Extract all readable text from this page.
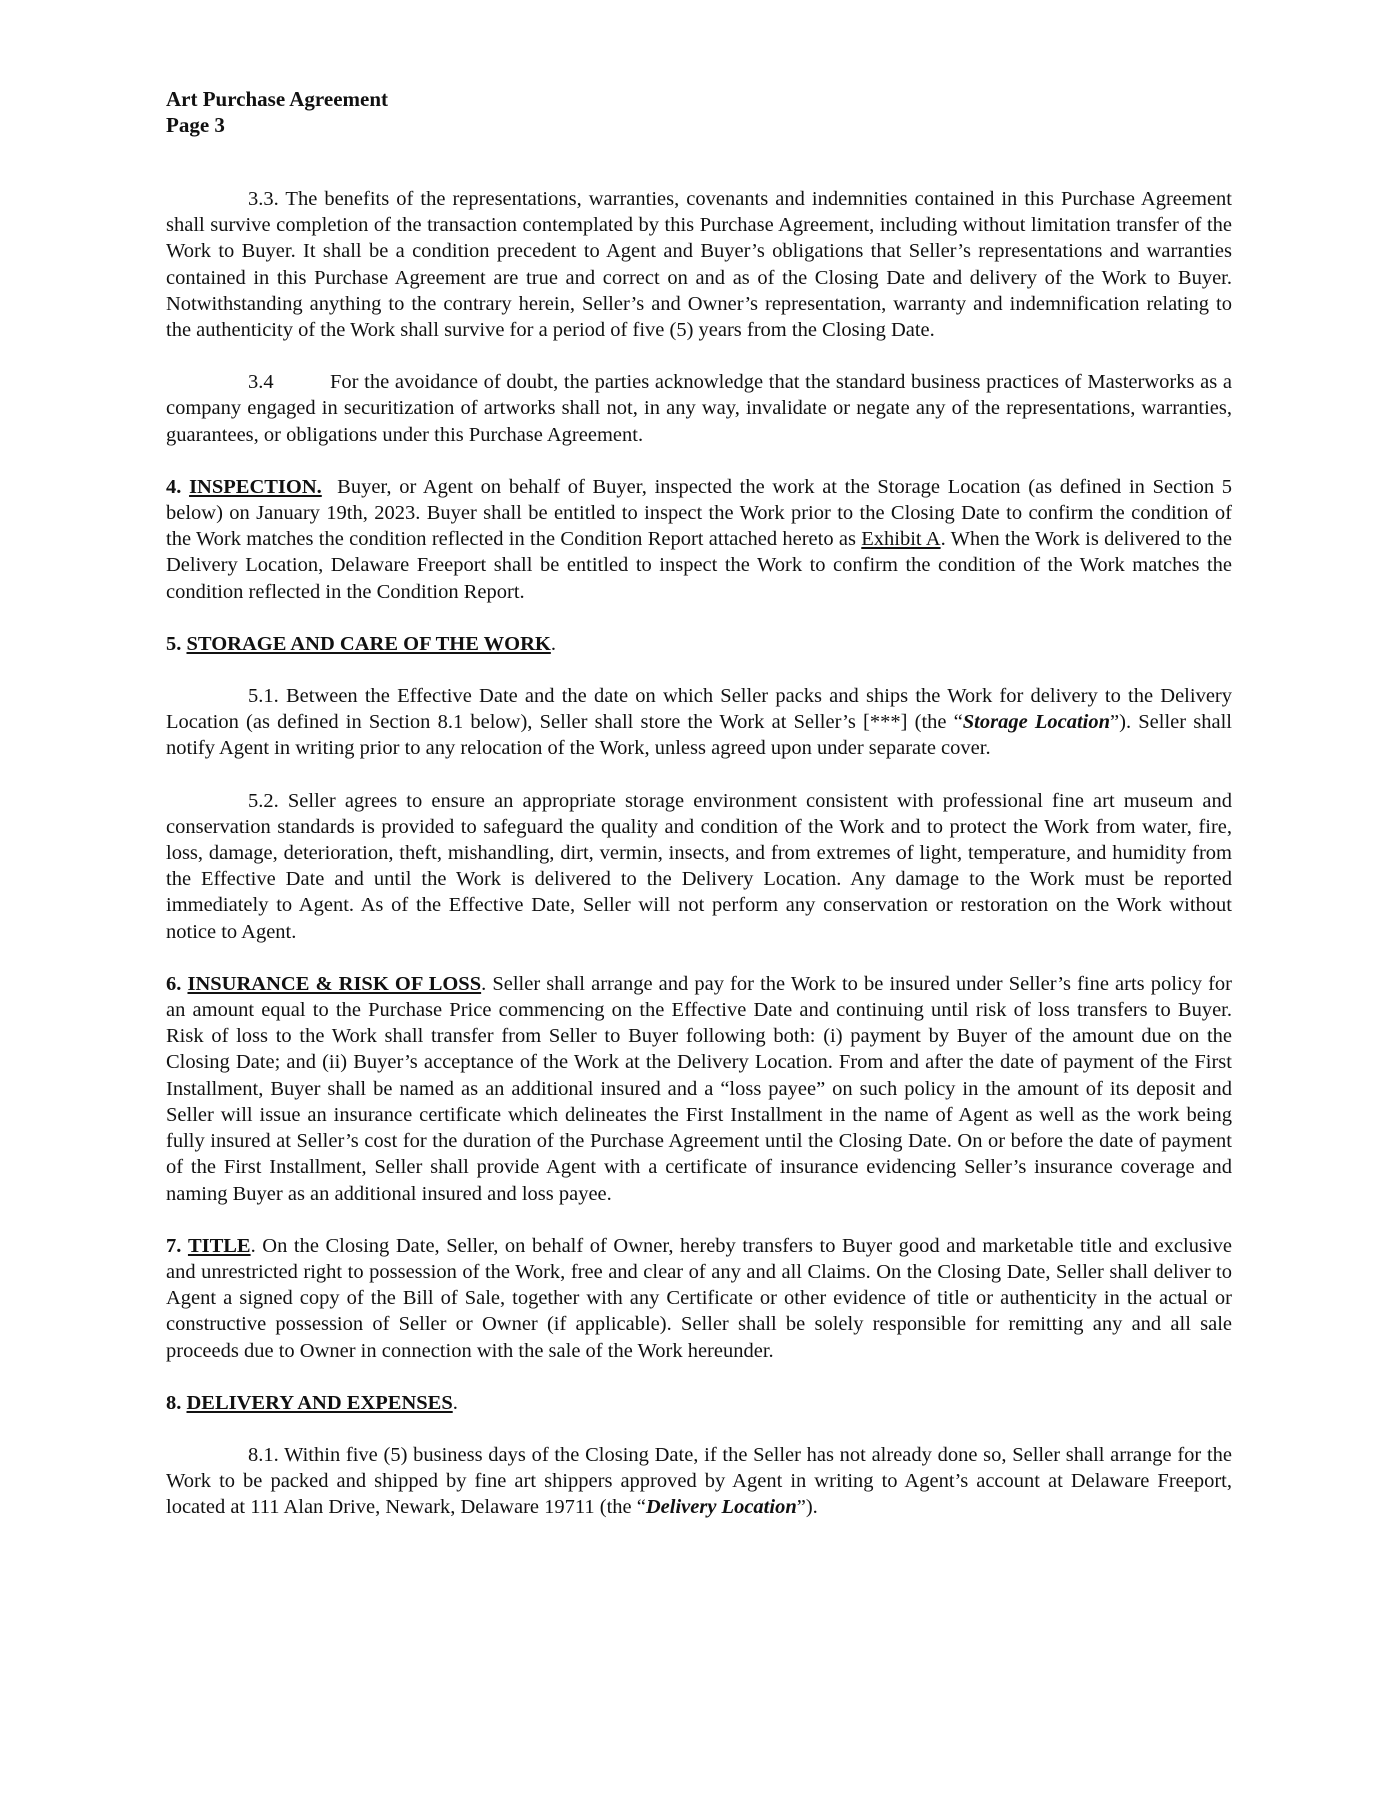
Art Purchase Agreement
Page 3

3.3. The benefits of the representations, warranties, covenants and indemnities contained in this Purchase Agreement shall survive completion of the transaction contemplated by this Purchase Agreement, including without limitation transfer of the Work to Buyer. It shall be a condition precedent to Agent and Buyer’s obligations that Seller’s representations and warranties contained in this Purchase Agreement are true and correct on and as of the Closing Date and delivery of the Work to Buyer. Notwithstanding anything to the contrary herein, Seller’s and Owner’s representation, warranty and indemnification relating to the authenticity of the Work shall survive for a period of five (5) years from the Closing Date.

3.4	For the avoidance of doubt, the parties acknowledge that the standard business practices of Masterworks as a company engaged in securitization of artworks shall not, in any way, invalidate or negate any of the representations, warranties, guarantees, or obligations under this Purchase Agreement.

4. INSPECTION. Buyer, or Agent on behalf of Buyer, inspected the work at the Storage Location (as defined in Section 5 below) on January 19th, 2023. Buyer shall be entitled to inspect the Work prior to the Closing Date to confirm the condition of the Work matches the condition reflected in the Condition Report attached hereto as Exhibit A. When the Work is delivered to the Delivery Location, Delaware Freeport shall be entitled to inspect the Work to confirm the condition of the Work matches the condition reflected in the Condition Report.

5. STORAGE AND CARE OF THE WORK.

5.1. Between the Effective Date and the date on which Seller packs and ships the Work for delivery to the Delivery Location (as defined in Section 8.1 below), Seller shall store the Work at Seller’s [***] (the “Storage Location”). Seller shall notify Agent in writing prior to any relocation of the Work, unless agreed upon under separate cover.

5.2. Seller agrees to ensure an appropriate storage environment consistent with professional fine art museum and conservation standards is provided to safeguard the quality and condition of the Work and to protect the Work from water, fire, loss, damage, deterioration, theft, mishandling, dirt, vermin, insects, and from extremes of light, temperature, and humidity from the Effective Date and until the Work is delivered to the Delivery Location. Any damage to the Work must be reported immediately to Agent. As of the Effective Date, Seller will not perform any conservation or restoration on the Work without notice to Agent.

6. INSURANCE & RISK OF LOSS. Seller shall arrange and pay for the Work to be insured under Seller’s fine arts policy for an amount equal to the Purchase Price commencing on the Effective Date and continuing until risk of loss transfers to Buyer. Risk of loss to the Work shall transfer from Seller to Buyer following both: (i) payment by Buyer of the amount due on the Closing Date; and (ii) Buyer’s acceptance of the Work at the Delivery Location. From and after the date of payment of the First Installment, Buyer shall be named as an additional insured and a “loss payee” on such policy in the amount of its deposit and Seller will issue an insurance certificate which delineates the First Installment in the name of Agent as well as the work being fully insured at Seller’s cost for the duration of the Purchase Agreement until the Closing Date. On or before the date of payment of the First Installment, Seller shall provide Agent with a certificate of insurance evidencing Seller’s insurance coverage and naming Buyer as an additional insured and loss payee.

7. TITLE. On the Closing Date, Seller, on behalf of Owner, hereby transfers to Buyer good and marketable title and exclusive and unrestricted right to possession of the Work, free and clear of any and all Claims. On the Closing Date, Seller shall deliver to Agent a signed copy of the Bill of Sale, together with any Certificate or other evidence of title or authenticity in the actual or constructive possession of Seller or Owner (if applicable). Seller shall be solely responsible for remitting any and all sale proceeds due to Owner in connection with the sale of the Work hereunder.

8. DELIVERY AND EXPENSES.

8.1. Within five (5) business days of the Closing Date, if the Seller has not already done so, Seller shall arrange for the Work to be packed and shipped by fine art shippers approved by Agent in writing to Agent’s account at Delaware Freeport, located at 111 Alan Drive, Newark, Delaware 19711 (the “Delivery Location”).
